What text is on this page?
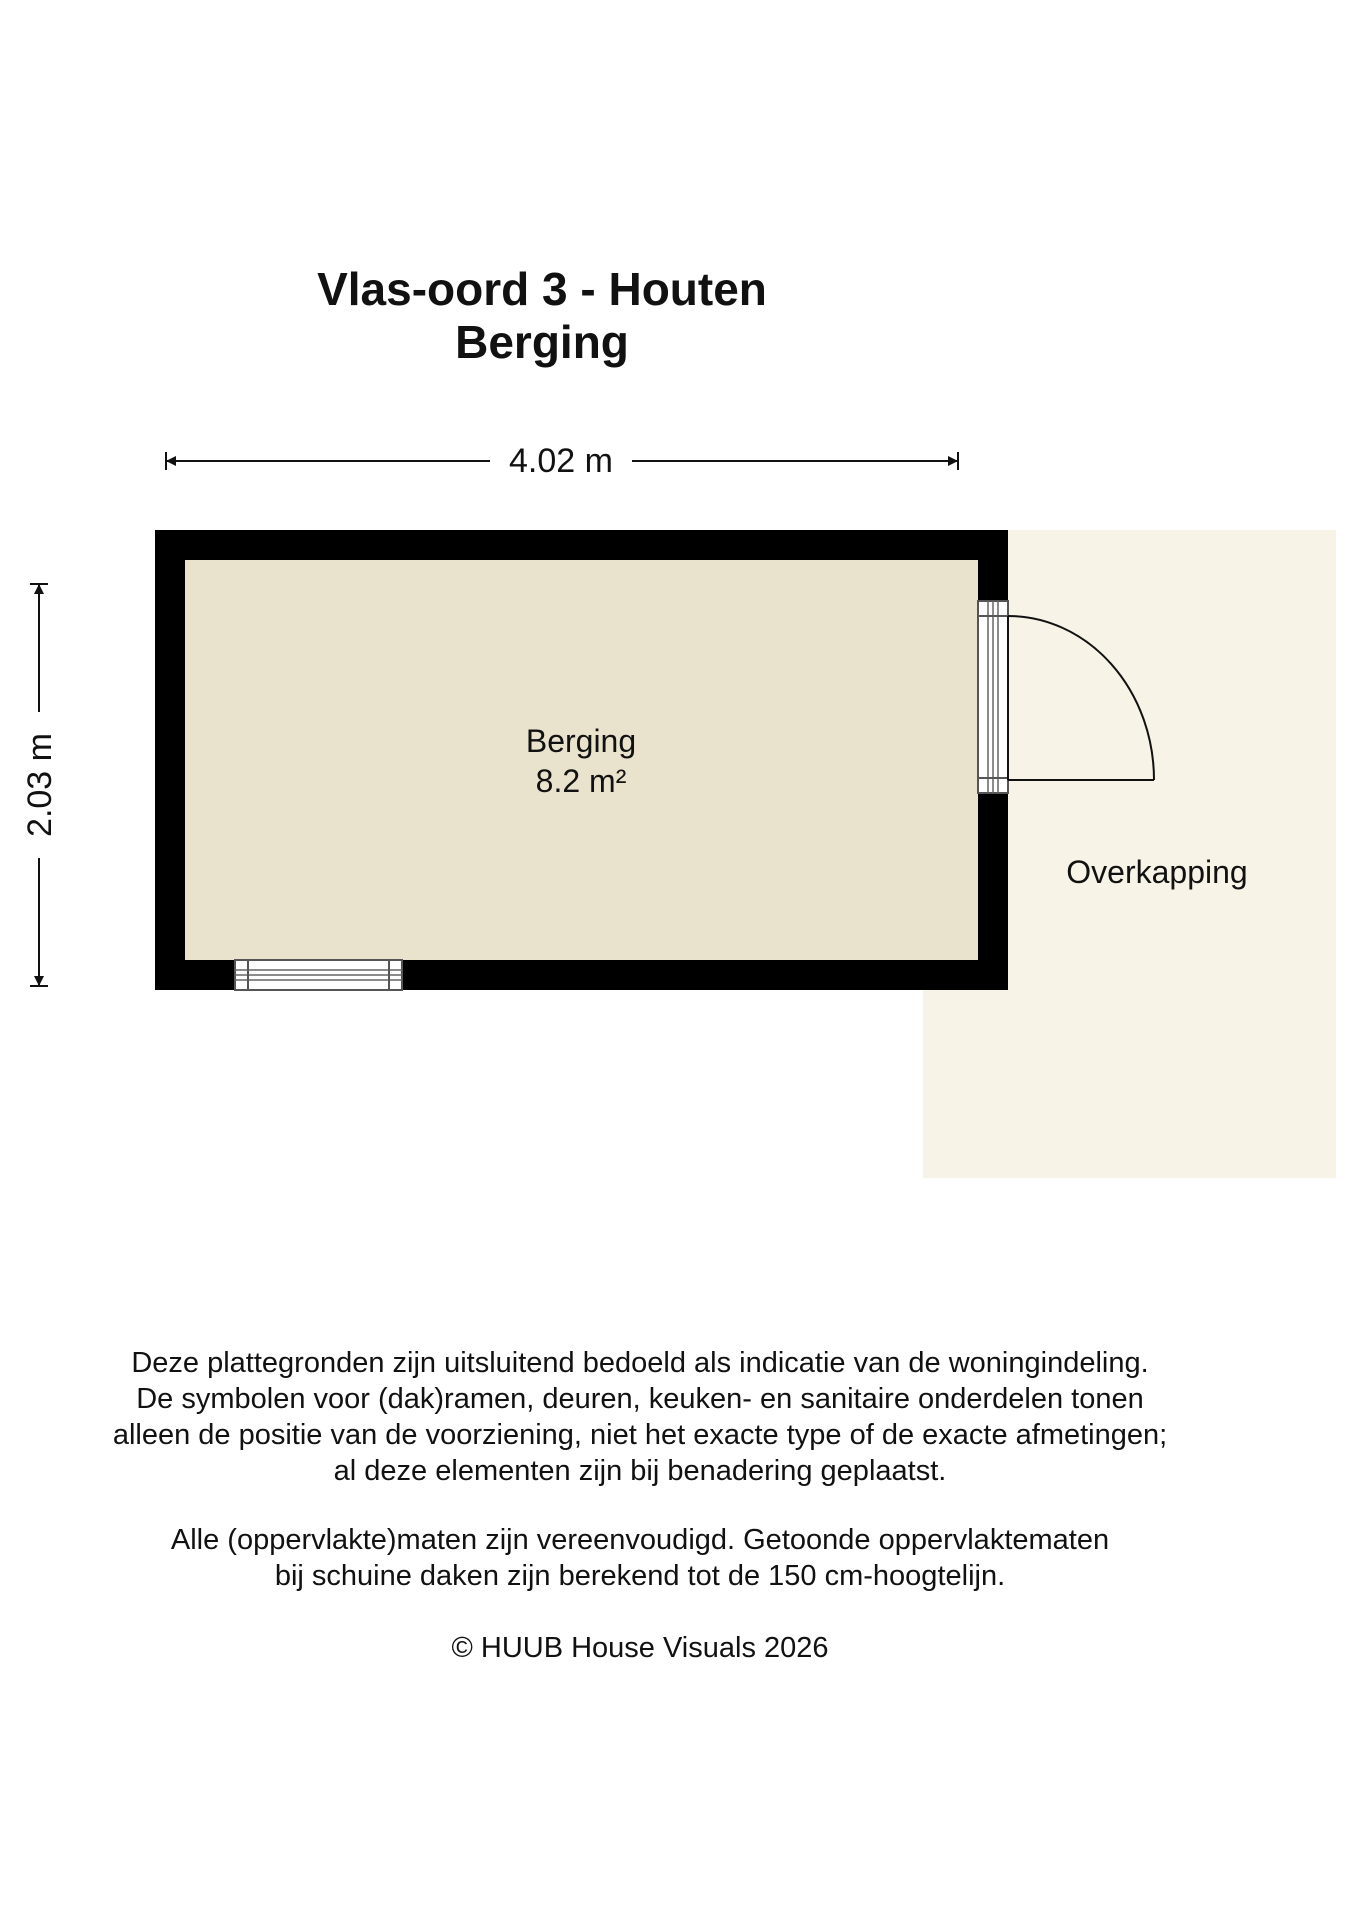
Vlas-oord 3 - Houten
Berging
4.02 m
2.03 m	Berging
8.2 m²
Overkapping

Deze plattegronden zijn uitsluitend bedoeld als indicatie van de woningindeling.

De symbolen voor (dak)ramen, deuren, keuken- en sanitaire onderdelen tonen

alleen de positie van de voorziening, niet het exacte type of de exacte afmetingen;

al deze elementen zijn bij benadering geplaatst.

Alle (oppervlakte)maten zijn vereenvoudigd. Getoonde oppervlaktematen

bij schuine daken zijn berekend tot de 150 cm-hoogtelijn.

© HUUB House Visuals 2026
